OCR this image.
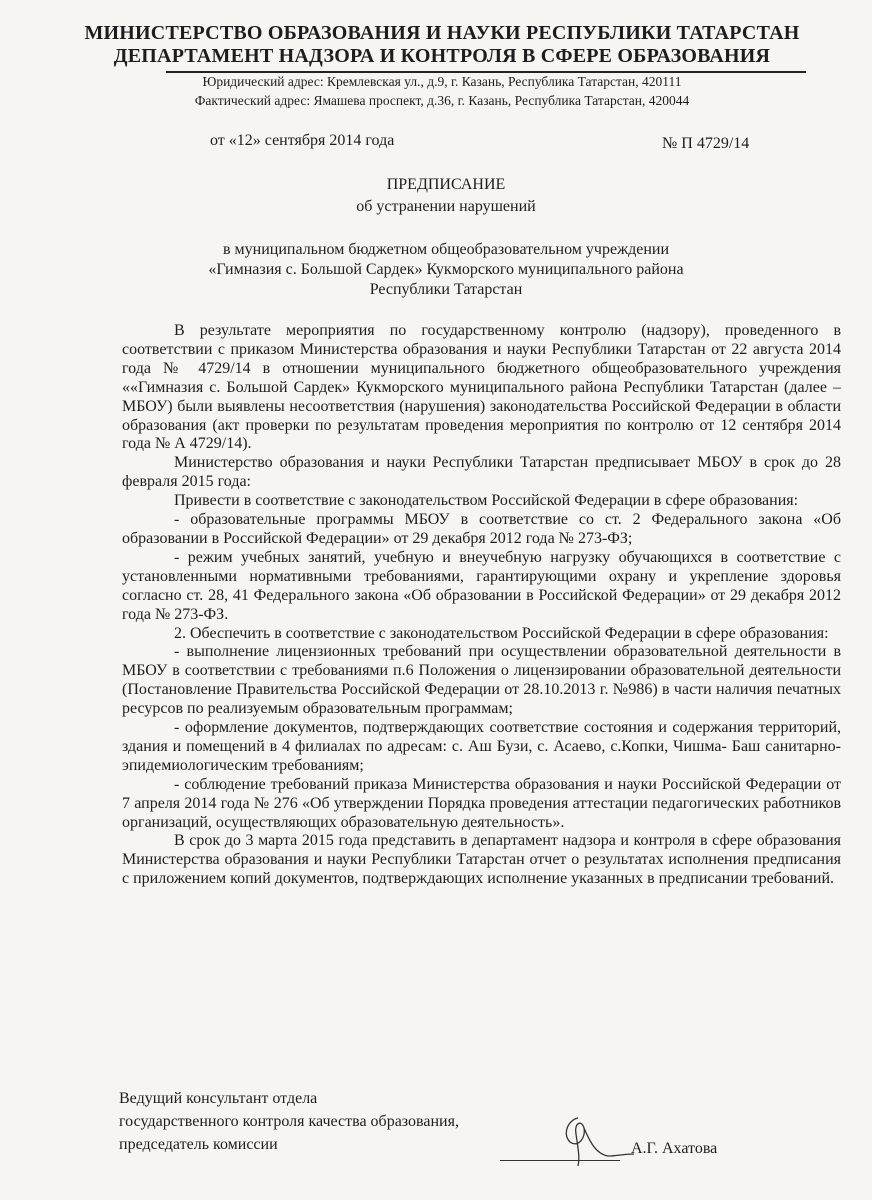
МИНИСТЕРСТВО ОБРАЗОВАНИЯ И НАУКИ РЕСПУБЛИКИ ТАТАРСТАН
ДЕПАРТАМЕНТ НАДЗОРА И КОНТРОЛЯ В СФЕРЕ ОБРАЗОВАНИЯ
Юридический адрес: Кремлевская ул., д.9, г. Казань, Республика Татарстан, 420111
Фактический адрес: Ямашева проспект, д.36, г. Казань, Республика Татарстан, 420044
от «12» сентября 2014 года	№ П 4729/14
ПРЕДПИСАНИЕ
об устранении нарушений
в муниципальном бюджетном общеобразовательном учреждении
«Гимназия с. Большой Сардек» Кукморского муниципального района
Республики Татарстан

В результате мероприятия по государственному контролю (надзору), проведенного в соответствии с приказом Министерства образования и науки Республики Татарстан от 22 августа 2014 года № 4729/14 в отношении муниципального бюджетного общеобразовательного учреждения ««Гимназия с. Большой Сардек» Кукморского муниципального района Республики Татарстан (далее – МБОУ) были выявлены несоответствия (нарушения) законодательства Российской Федерации в области образования (акт проверки по результатам проведения мероприятия по контролю от 12 сентября 2014 года № А 4729/14).

Министерство образования и науки Республики Татарстан предписывает МБОУ в срок до 28 февраля 2015 года:

Привести в соответствие с законодательством Российской Федерации в сфере образования:

- образовательные программы МБОУ в соответствие со ст. 2 Федерального закона «Об образовании в Российской Федерации» от 29 декабря 2012 года № 273-ФЗ;

- режим учебных занятий, учебную и внеучебную нагрузку обучающихся в соответствие с установленными нормативными требованиями, гарантирующими охрану и укрепление здоровья согласно ст. 28, 41 Федерального закона «Об образовании в Российской Федерации» от 29 декабря 2012 года № 273-ФЗ.

2. Обеспечить в соответствие с законодательством Российской Федерации в сфере образования:

- выполнение лицензионных требований при осуществлении образовательной деятельности в МБОУ в соответствии с требованиями п.6 Положения о лицензировании образовательной деятельности (Постановление Правительства Российской Федерации от 28.10.2013 г. №986) в части наличия печатных ресурсов по реализуемым образовательным программам;

- оформление документов, подтверждающих соответствие состояния и содержания территорий, здания и помещений в 4 филиалах по адресам: с. Аш Бузи, с. Асаево, с.Копки, Чишма- Баш санитарно-эпидемиологическим требованиям;

- соблюдение требований приказа Министерства образования и науки Российской Федерации от 7 апреля 2014 года № 276 «Об утверждении Порядка проведения аттестации педагогических работников организаций, осуществляющих образовательную деятельность».

В срок до 3 марта 2015 года представить в департамент надзора и контроля в сфере образования Министерства образования и науки Республики Татарстан отчет о результатах исполнения предписания с приложением копий документов, подтверждающих исполнение указанных в предписании требований.

Ведущий консультант отдела
государственного контроля качества образования,
председатель комиссии	А.Г. Ахатова
